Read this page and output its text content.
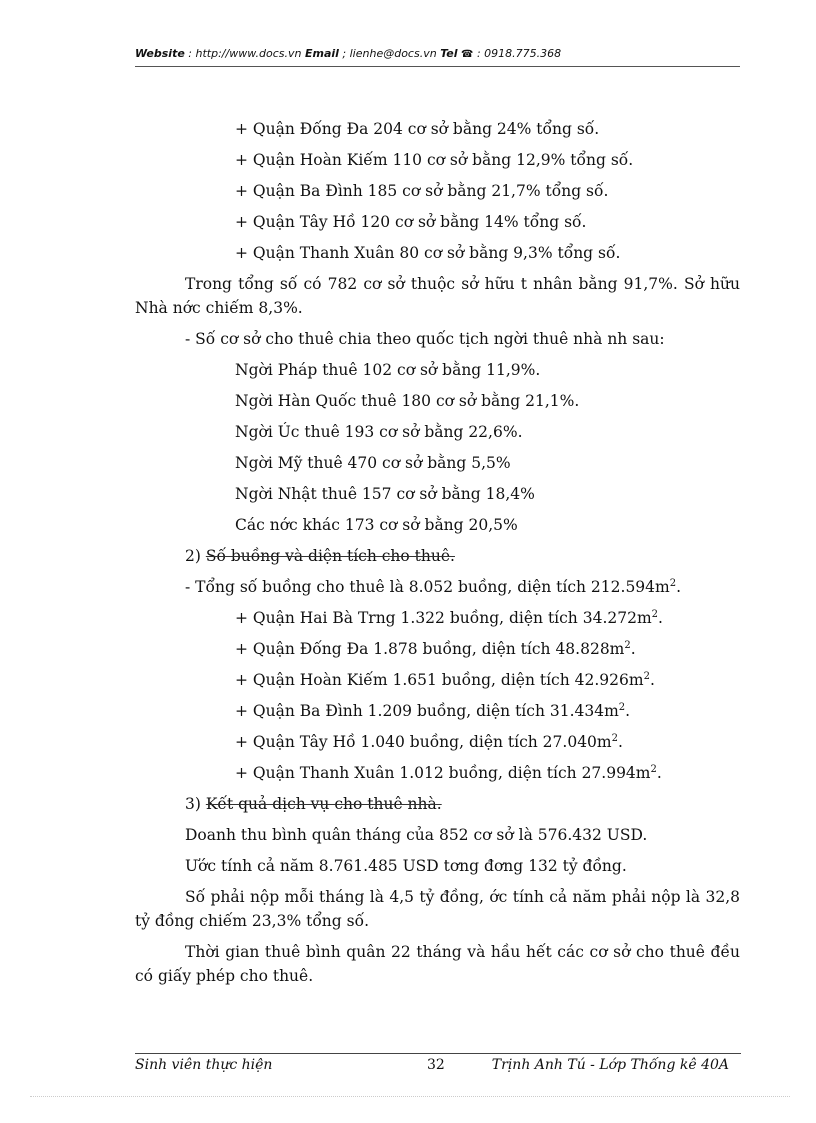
Website : http://www.docs.vn Email ; lienhe@docs.vn Tel ☎ : 0918.775.368
+ Quận Đống Đa 204 cơ sở bằng 24% tổng số.
+ Quận Hoàn Kiếm 110 cơ sở bằng 12,9% tổng số.
+ Quận Ba Đình 185 cơ sở bằng 21,7% tổng số.
+ Quận Tây Hồ 120 cơ sở bằng 14% tổng số.
+ Quận Thanh Xuân 80 cơ sở bằng 9,3% tổng số.
Trong tổng số có 782 cơ sở thuộc sở hữu t nhân bằng 91,7%. Sở hữu Nhà nớc chiếm 8,3%.
- Số cơ sở cho thuê chia theo quốc tịch ngời thuê nhà nh sau:
Ngời Pháp thuê 102 cơ sở bằng 11,9%.
Ngời Hàn Quốc thuê 180 cơ sở bằng 21,1%.
Ngời Úc thuê 193 cơ sở bằng 22,6%.
Ngời Mỹ thuê 470 cơ sở bằng 5,5%
Ngời Nhật thuê 157 cơ sở bằng 18,4%
Các nớc khác 173 cơ sở bằng 20,5%
2) Số buồng và diện tích cho thuê.
- Tổng số buồng cho thuê là 8.052 buồng, diện tích $212.594m^2$.
+ Quận Hai Bà Trng 1.322 buồng, diện tích $34.272m^2$.
+ Quận Đống Đa 1.878 buồng, diện tích $48.828m^2$.
+ Quận Hoàn Kiếm 1.651 buồng, diện tích $42.926m^2$.
+ Quận Ba Đình 1.209 buồng, diện tích $31.434m^2$.
+ Quận Tây Hồ 1.040 buồng, diện tích $27.040m^2$.
+ Quận Thanh Xuân 1.012 buồng, diện tích $27.994m^2$.
3) Kết quả dịch vụ cho thuê nhà.
Doanh thu bình quân tháng của 852 cơ sở là 576.432 USD.
Ước tính cả năm 8.761.485 USD tơng đơng 132 tỷ đồng.
Số phải nộp mỗi tháng là 4,5 tỷ đồng, ớc tính cả năm phải nộp là 32,8 tỷ đồng chiếm 23,3% tổng số.
Thời gian thuê bình quân 22 tháng và hầu hết các cơ sở cho thuê đều có giấy phép cho thuê.
Sinh viên thực hiện	32	Trịnh Anh Tú - Lớp Thống kê 40A
